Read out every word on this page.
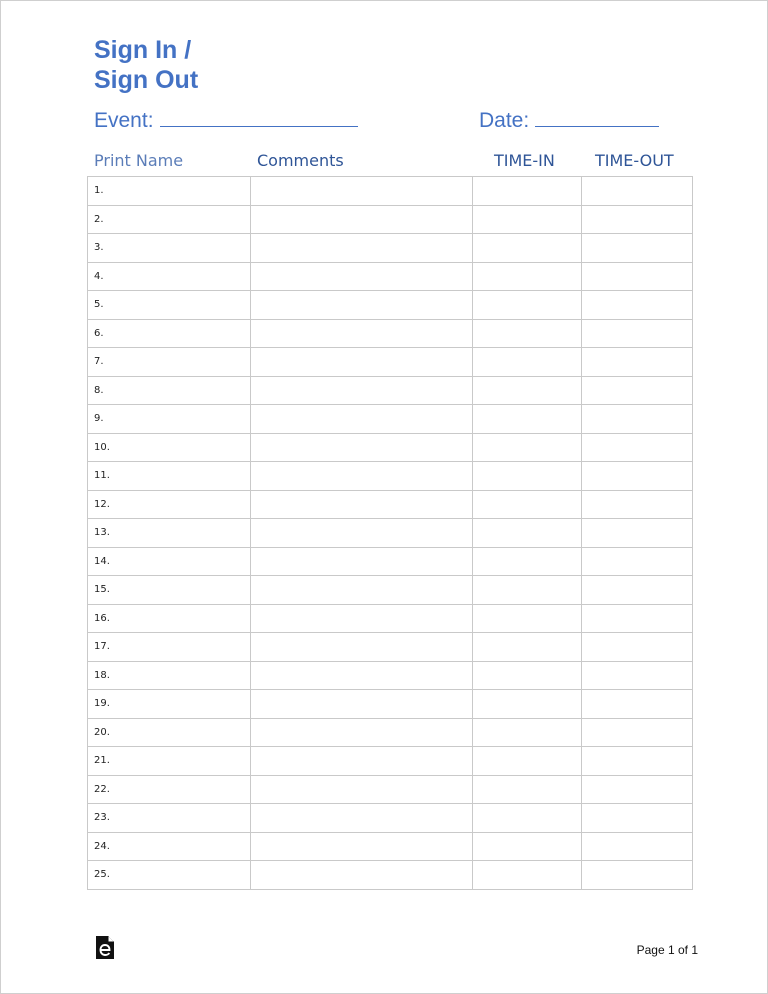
Sign In /
Sign Out
Event:	Date:
Print Name	Comments	TIME-IN	TIME-OUT
1.			
2.			
3.			
4.			
5.			
6.			
7.			
8.			
9.			
10.			
11.			
12.			
13.			
14.			
15.			
16.			
17.			
18.			
19.			
20.			
21.			
22.			
23.			
24.			
25.			
Page 1 of 1
